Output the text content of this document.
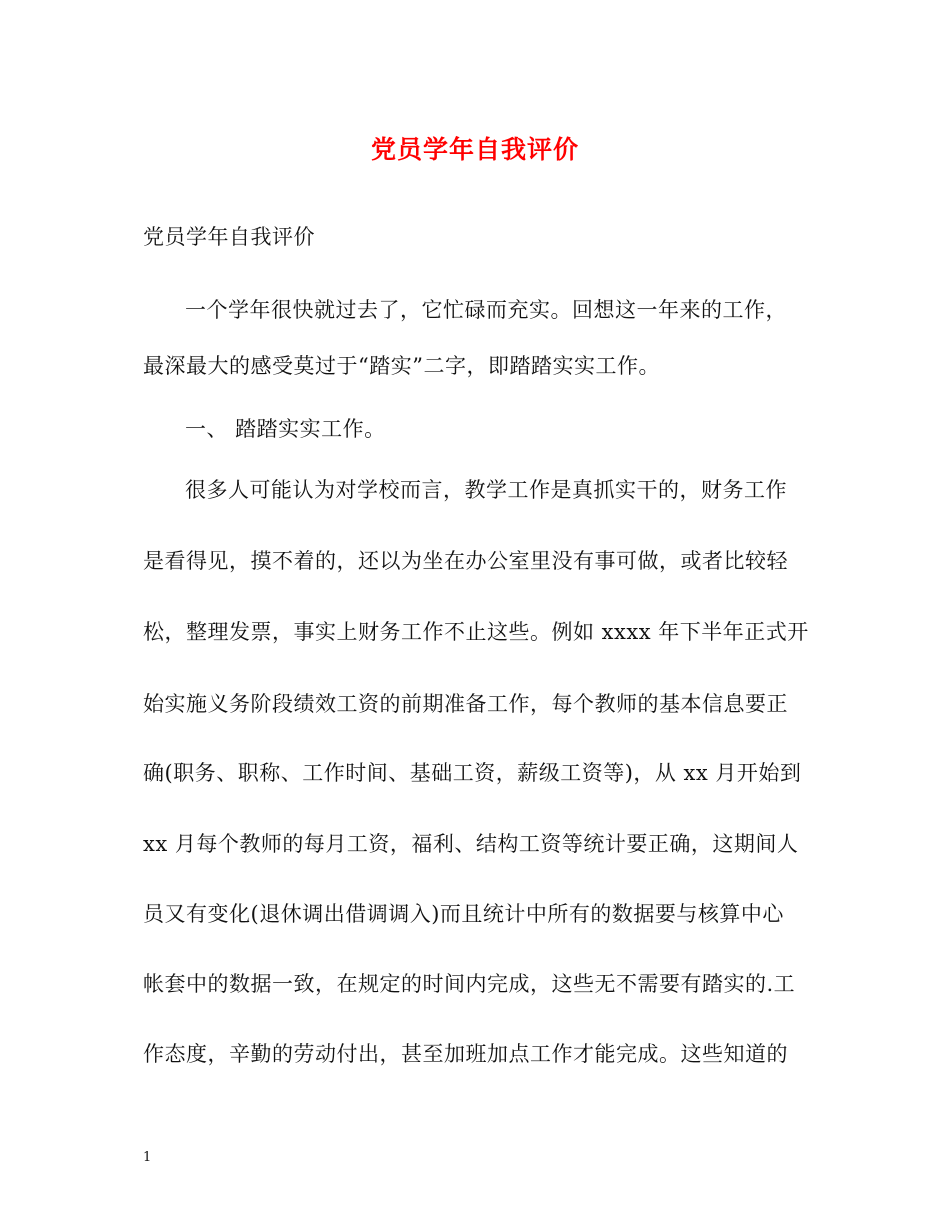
党员学年自我评价
党员学年自我评价
一个学年很快就过去了，它忙碌而充实。回想这一年来的工作，
最深最大的感受莫过于“踏实”二字，即踏踏实实工作。
一、 踏踏实实工作。
很多人可能认为对学校而言，教学工作是真抓实干的，财务工作
是看得见，摸不着的，还以为坐在办公室里没有事可做，或者比较轻
松，整理发票，事实上财务工作不止这些。例如 xxxx 年下半年正式开
始实施义务阶段绩效工资的前期准备工作，每个教师的基本信息要正
确(职务、职称、工作时间、基础工资，薪级工资等)，从 xx 月开始到
xx 月每个教师的每月工资，福利、结构工资等统计要正确，这期间人
员又有变化(退休调出借调调入)而且统计中所有的数据要与核算中心
帐套中的数据一致，在规定的时间内完成，这些无不需要有踏实的.工
作态度，辛勤的劳动付出，甚至加班加点工作才能完成。这些知道的
1
